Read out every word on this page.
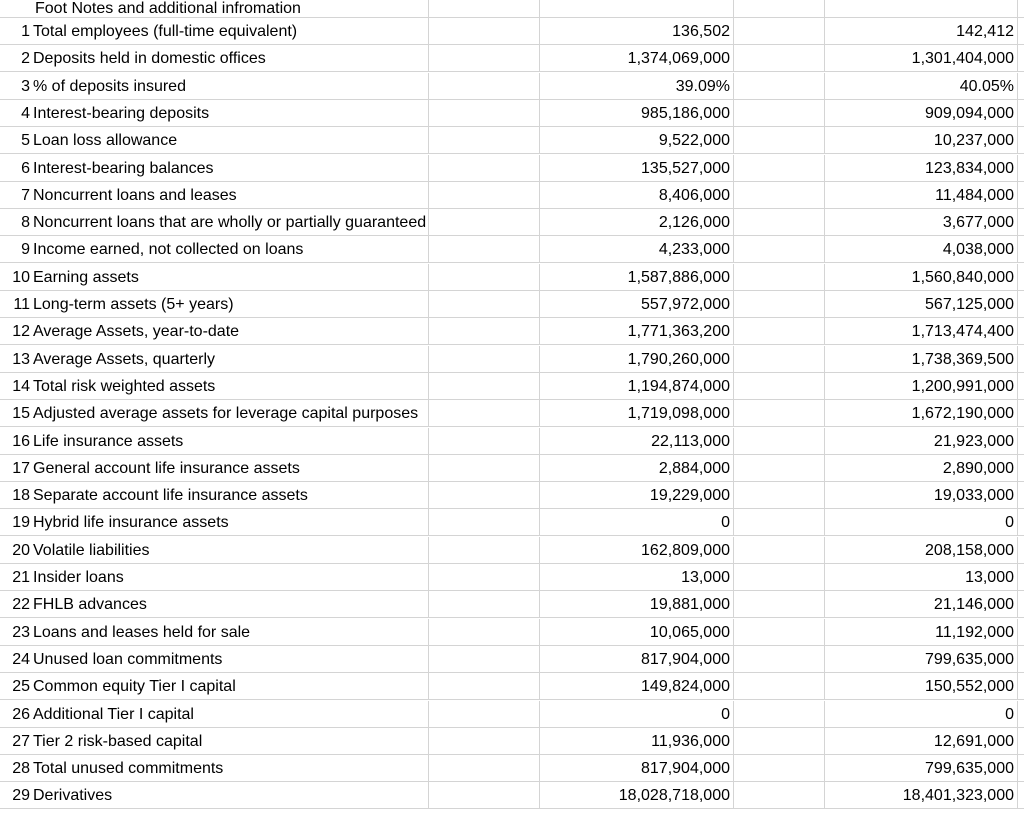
Foot Notes and additional infromation
1 Total employees (full-time equivalent)	136,502	142,412
2 Deposits held in domestic offices	1,374,069,000	1,301,404,000
3 % of deposits insured	39.09%	40.05%
4 Interest-bearing deposits	985,186,000	909,094,000
5 Loan loss allowance	9,522,000	10,237,000
6 Interest-bearing balances	135,527,000	123,834,000
7 Noncurrent loans and leases	8,406,000	11,484,000
8 Noncurrent loans that are wholly or partially guaranteed	2,126,000	3,677,000
9 Income earned, not collected on loans	4,233,000	4,038,000
10 Earning assets	1,587,886,000	1,560,840,000
11 Long-term assets (5+ years)	557,972,000	567,125,000
12 Average Assets, year-to-date	1,771,363,200	1,713,474,400
13 Average Assets, quarterly	1,790,260,000	1,738,369,500
14 Total risk weighted assets	1,194,874,000	1,200,991,000
15 Adjusted average assets for leverage capital purposes	1,719,098,000	1,672,190,000
16 Life insurance assets	22,113,000	21,923,000
17 General account life insurance assets	2,884,000	2,890,000
18 Separate account life insurance assets	19,229,000	19,033,000
19 Hybrid life insurance assets	0	0
20 Volatile liabilities	162,809,000	208,158,000
21 Insider loans	13,000	13,000
22 FHLB advances	19,881,000	21,146,000
23 Loans and leases held for sale	10,065,000	11,192,000
24 Unused loan commitments	817,904,000	799,635,000
25 Common equity Tier I capital	149,824,000	150,552,000
26 Additional Tier I capital	0	0
27 Tier 2 risk-based capital	11,936,000	12,691,000
28 Total unused commitments	817,904,000	799,635,000
29 Derivatives	18,028,718,000	18,401,323,000
